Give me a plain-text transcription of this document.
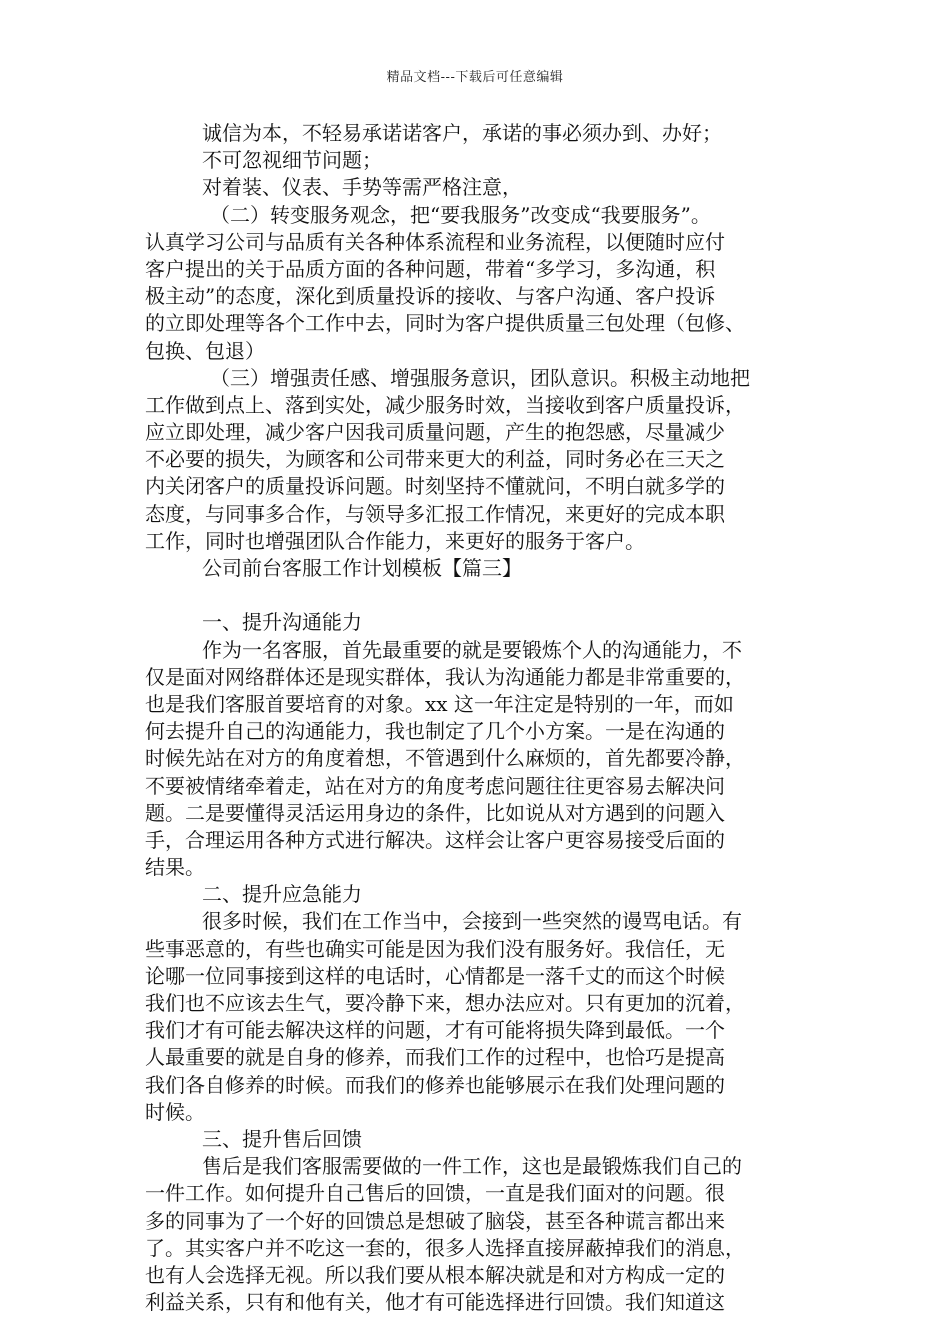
精品文档---下载后可任意编辑
诚信为本，不轻易承诺诺客户，承诺的事必须办到、办好；
不可忽视细节问题；
对着装、仪表、手势等需严格注意，
（二）转变服务观念，把“要我服务”改变成“我要服务”。
认真学习公司与品质有关各种体系流程和业务流程，以便随时应付
客户提出的关于品质方面的各种问题，带着“多学习，多沟通，积
极主动”的态度，深化到质量投诉的接收、与客户沟通、客户投诉
的立即处理等各个工作中去，同时为客户提供质量三包处理（包修、
包换、包退）
（三）增强责任感、增强服务意识，团队意识。积极主动地把
工作做到点上、落到实处，减少服务时效，当接收到客户质量投诉，
应立即处理，减少客户因我司质量问题，产生的抱怨感，尽量减少
不必要的损失，为顾客和公司带来更大的利益，同时务必在三天之
内关闭客户的质量投诉问题。时刻坚持不懂就问，不明白就多学的
态度，与同事多合作，与领导多汇报工作情况，来更好的完成本职
工作，同时也增强团队合作能力，来更好的服务于客户。
公司前台客服工作计划模板【篇三】
一、提升沟通能力
作为一名客服，首先最重要的就是要锻炼个人的沟通能力，不
仅是面对网络群体还是现实群体，我认为沟通能力都是非常重要的，
也是我们客服首要培育的对象。xx 这一年注定是特别的一年，而如
何去提升自己的沟通能力，我也制定了几个小方案。一是在沟通的
时候先站在对方的角度着想，不管遇到什么麻烦的，首先都要冷静，
不要被情绪牵着走，站在对方的角度考虑问题往往更容易去解决问
题。二是要懂得灵活运用身边的条件，比如说从对方遇到的问题入
手，合理运用各种方式进行解决。这样会让客户更容易接受后面的
结果。
二、提升应急能力
很多时候，我们在工作当中，会接到一些突然的谩骂电话。有
些事恶意的，有些也确实可能是因为我们没有服务好。我信任，无
论哪一位同事接到这样的电话时，心情都是一落千丈的而这个时候
我们也不应该去生气，要冷静下来，想办法应对。只有更加的沉着，
我们才有可能去解决这样的问题，才有可能将损失降到最低。一个
人最重要的就是自身的修养，而我们工作的过程中，也恰巧是提高
我们各自修养的时候。而我们的修养也能够展示在我们处理问题的
时候。
三、提升售后回馈
售后是我们客服需要做的一件工作，这也是最锻炼我们自己的
一件工作。如何提升自己售后的回馈，一直是我们面对的问题。很
多的同事为了一个好的回馈总是想破了脑袋，甚至各种谎言都出来
了。其实客户并不吃这一套的，很多人选择直接屏蔽掉我们的消息，
也有人会选择无视。所以我们要从根本解决就是和对方构成一定的
利益关系，只有和他有关，他才有可能选择进行回馈。我们知道这
